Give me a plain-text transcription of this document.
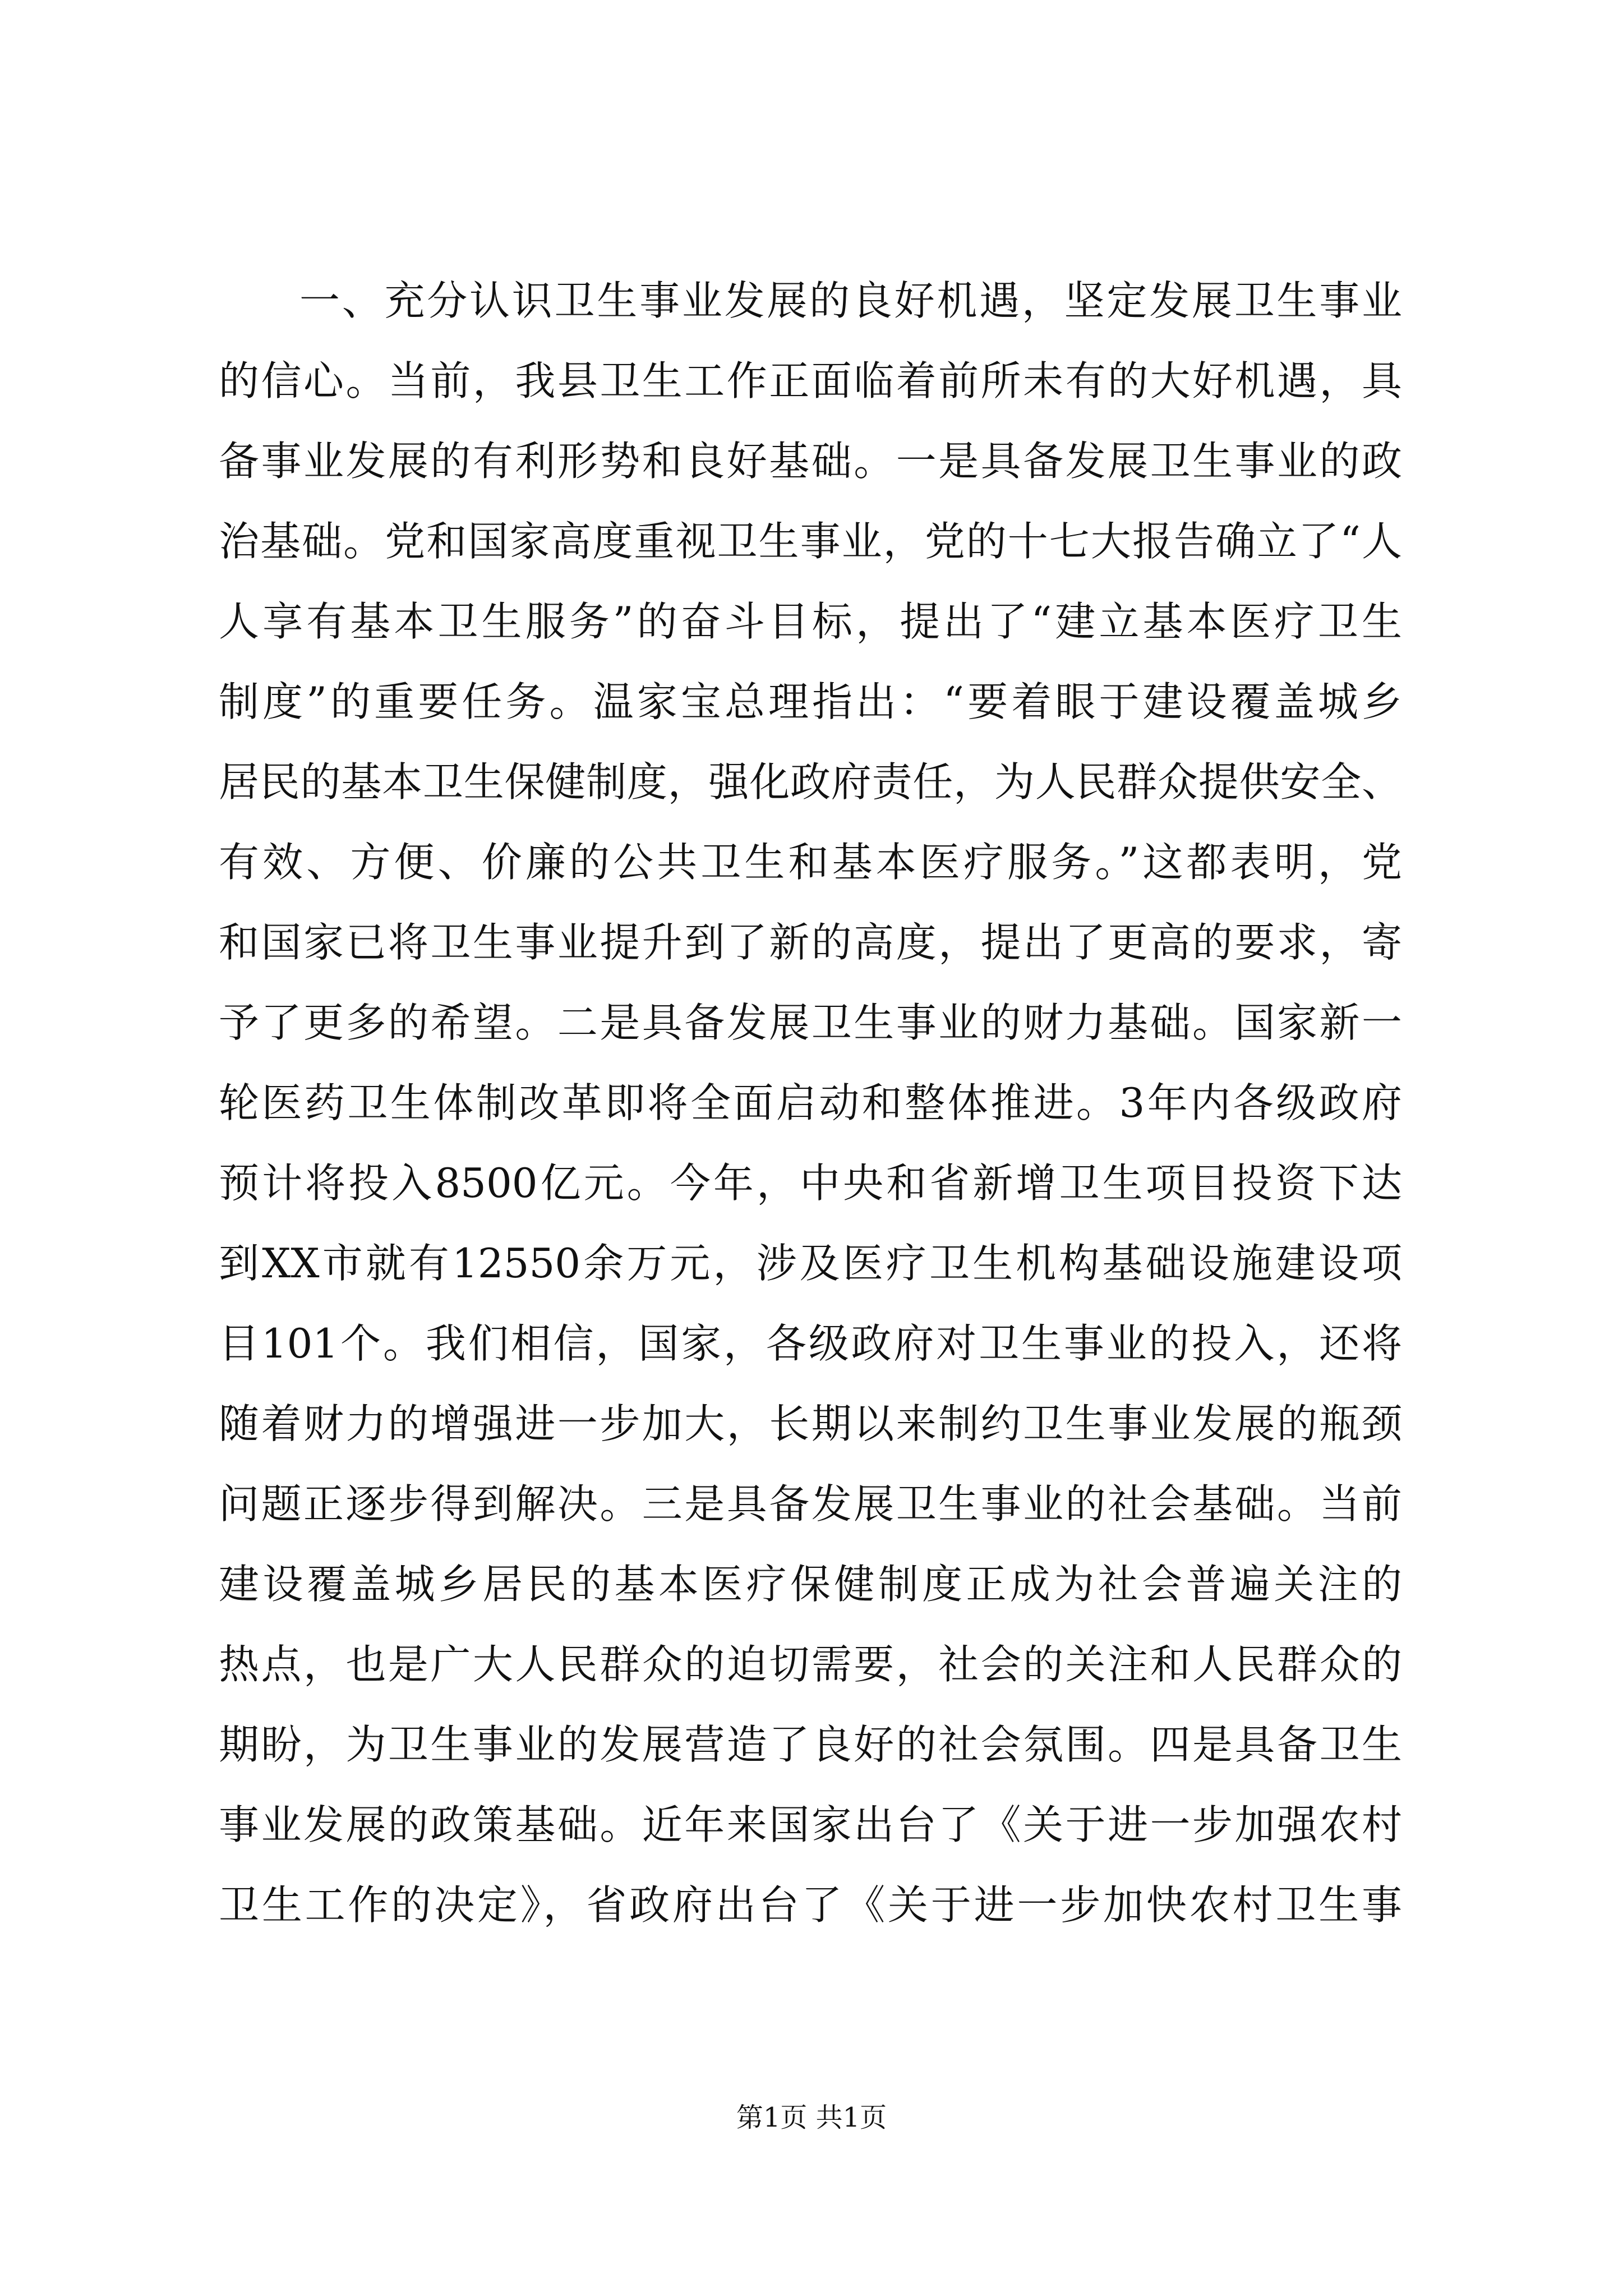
一、充分认识卫生事业发展的良好机遇，坚定发展卫生事业
的信心。当前，我县卫生工作正面临着前所未有的大好机遇，具
备事业发展的有利形势和良好基础。一是具备发展卫生事业的政
治基础。党和国家高度重视卫生事业，党的十七大报告确立了“人
人享有基本卫生服务”的奋斗目标，提出了“建立基本医疗卫生
制度”的重要任务。温家宝总理指出：“要着眼于建设覆盖城乡
居民的基本卫生保健制度，强化政府责任，为人民群众提供安全、
有效、方便、价廉的公共卫生和基本医疗服务。”这都表明，党
和国家已将卫生事业提升到了新的高度，提出了更高的要求，寄
予了更多的希望。二是具备发展卫生事业的财力基础。国家新一
轮医药卫生体制改革即将全面启动和整体推进。3年内各级政府
预计将投入8500亿元。今年，中央和省新增卫生项目投资下达
到XX市就有12550余万元，涉及医疗卫生机构基础设施建设项
目101个。我们相信，国家，各级政府对卫生事业的投入，还将
随着财力的增强进一步加大，长期以来制约卫生事业发展的瓶颈
问题正逐步得到解决。三是具备发展卫生事业的社会基础。当前
建设覆盖城乡居民的基本医疗保健制度正成为社会普遍关注的
热点，也是广大人民群众的迫切需要，社会的关注和人民群众的
期盼，为卫生事业的发展营造了良好的社会氛围。四是具备卫生
事业发展的政策基础。近年来国家出台了《关于进一步加强农村
卫生工作的决定》，省政府出台了《关于进一步加快农村卫生事
第1页 共1页
